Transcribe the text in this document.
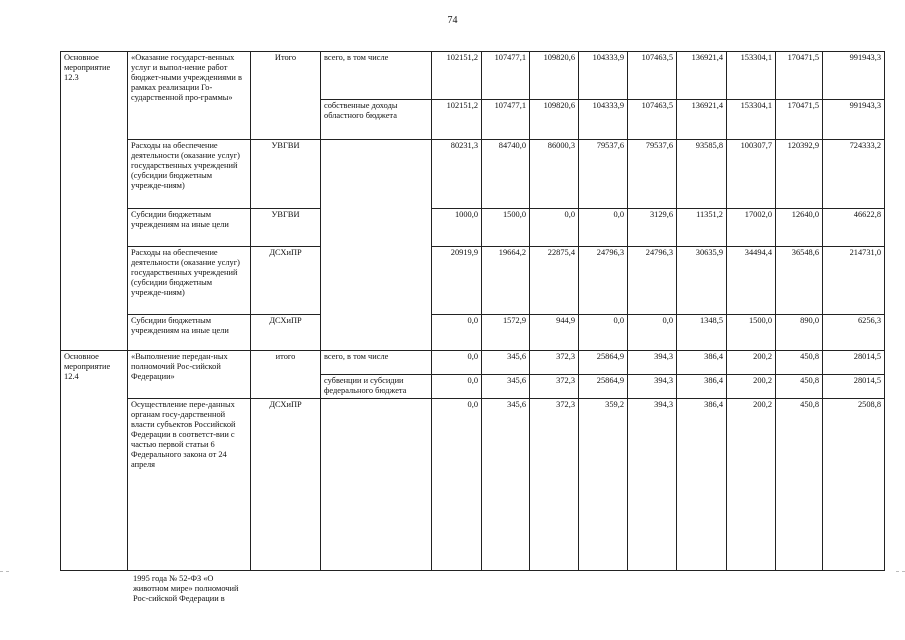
74
Основное мероприятие 12.3	«Оказание государст-венных услуг и выпол-нение работ бюджет-ными учреждениями в рамках реализации Го-сударственной про-граммы»	Итого	всего, в том числе	102151,2	107477,1	109820,6	104333,9	107463,5	136921,4	153304,1	170471,5	991943,3
			собственные доходы областного бюджета	102151,2	107477,1	109820,6	104333,9	107463,5	136921,4	153304,1	170471,5	991943,3
	Расходы на обеспечение деятельности (оказание услуг) государственных учреждений (субсидии бюджетным учрежде-ниям)	УВГВИ		80231,3	84740,0	86000,3	79537,6	79537,6	93585,8	100307,7	120392,9	724333,2
	Субсидии бюджетным учреждениям на иные цели	УВГВИ		1000,0	1500,0	0,0	0,0	3129,6	11351,2	17002,0	12640,0	46622,8
	Расходы на обеспечение деятельности (оказание услуг) государственных учреждений (субсидии бюджетным учрежде-ниям)	ДСХиПР		20919,9	19664,2	22875,4	24796,3	24796,3	30635,9	34494,4	36548,6	214731,0
	Субсидии бюджетным учреждениям на иные цели	ДСХиПР		0,0	1572,9	944,9	0,0	0,0	1348,5	1500,0	890,0	6256,3
Основное мероприятие 12.4	«Выполнение передан-ных полномочий Рос-сийской Федерации»	итого	всего, в том числе	0,0	345,6	372,3	25864,9	394,3	386,4	200,2	450,8	28014,5
			субвенции и субсидии федерального бюджета	0,0	345,6	372,3	25864,9	394,3	386,4	200,2	450,8	28014,5
	Осуществление пере-данных органам госу-дарственной власти субъектов Российской Федерации в соответст-вии с частью первой статьи 6 Федерального закона от 24 апреля	ДСХиПР		0,0	345,6	372,3	359,2	394,3	386,4	200,2	450,8	2508,8
1995 года № 52-ФЗ «О животном мире» полномочий Рос-сийской Федерации в
